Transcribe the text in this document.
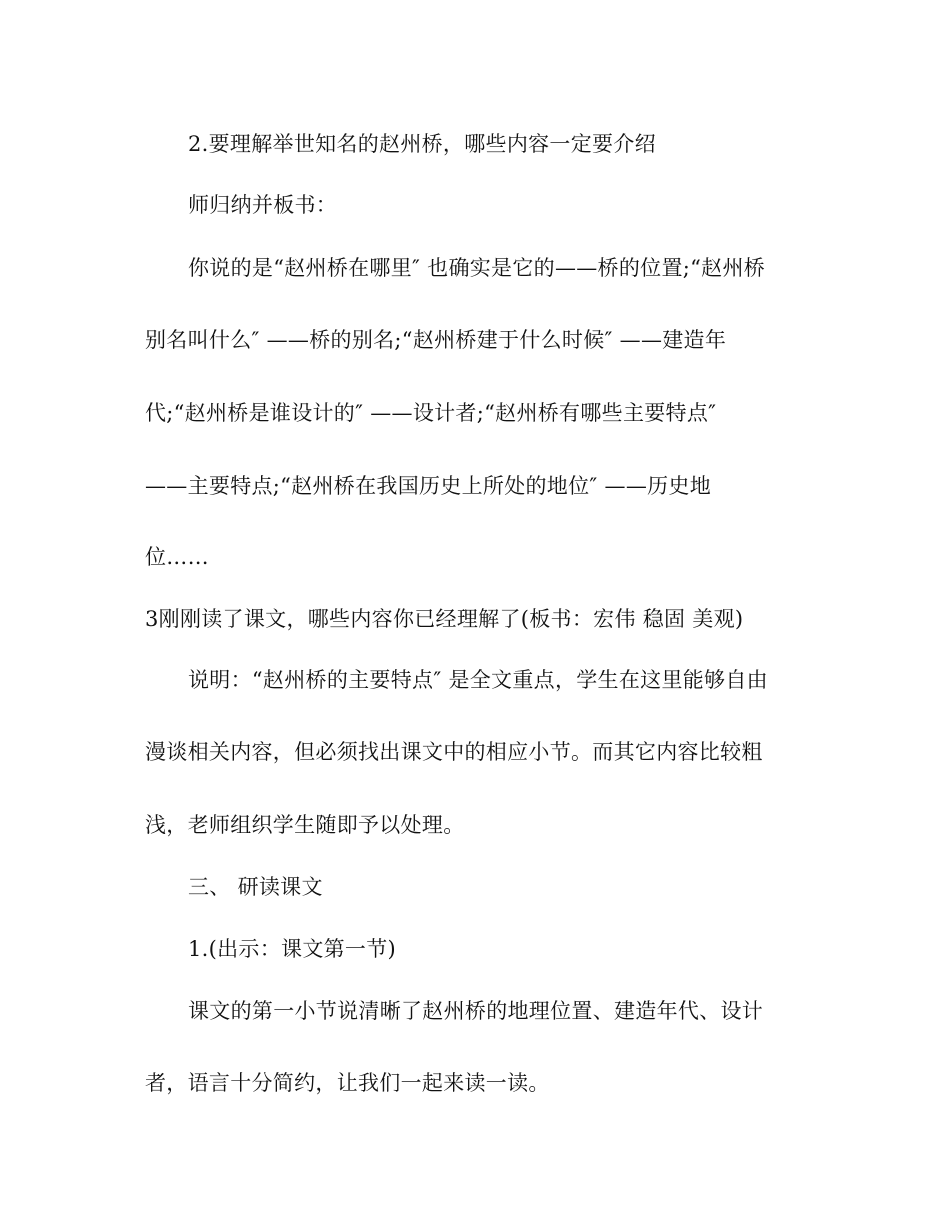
2.要理解举世知名的赵州桥，哪些内容一定要介绍
师归纳并板书：
你说的是“赵州桥在哪里″ 也确实是它的——桥的位置;“赵州桥
别名叫什么″ ——桥的别名;“赵州桥建于什么时候″ ——建造年
代;“赵州桥是谁设计的″ ——设计者;“赵州桥有哪些主要特点″
——主要特点;“赵州桥在我国历史上所处的地位″ ——历史地
位……
3刚刚读了课文，哪些内容你已经理解了(板书：宏伟 稳固 美观)
说明：“赵州桥的主要特点″ 是全文重点，学生在这里能够自由
漫谈相关内容，但必须找出课文中的相应小节。而其它内容比较粗
浅，老师组织学生随即予以处理。
三、 研读课文
1.(出示：课文第一节)
课文的第一小节说清晰了赵州桥的地理位置、建造年代、设计
者，语言十分简约，让我们一起来读一读。
